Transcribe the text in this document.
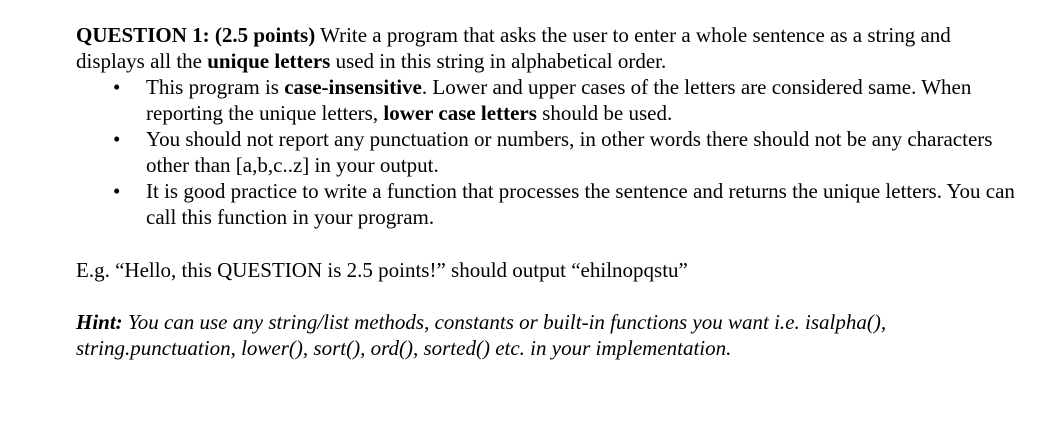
QUESTION 1: (2.5 points) Write a program that asks the user to enter a whole sentence as a string and displays all the unique letters used in this string in alphabetical order.

• This program is case-insensitive. Lower and upper cases of the letters are considered same. When reporting the unique letters, lower case letters should be used.
• You should not report any punctuation or numbers, in other words there should not be any characters other than [a,b,c..z] in your output.
• It is good practice to write a function that processes the sentence and returns the unique letters. You can call this function in your program.

E.g. “Hello, this QUESTION is 2.5 points!” should output “ehilnopqstu”

Hint: You can use any string/list methods, constants or built-in functions you want i.e. isalpha(), string.punctuation, lower(), sort(), ord(), sorted() etc. in your implementation.
